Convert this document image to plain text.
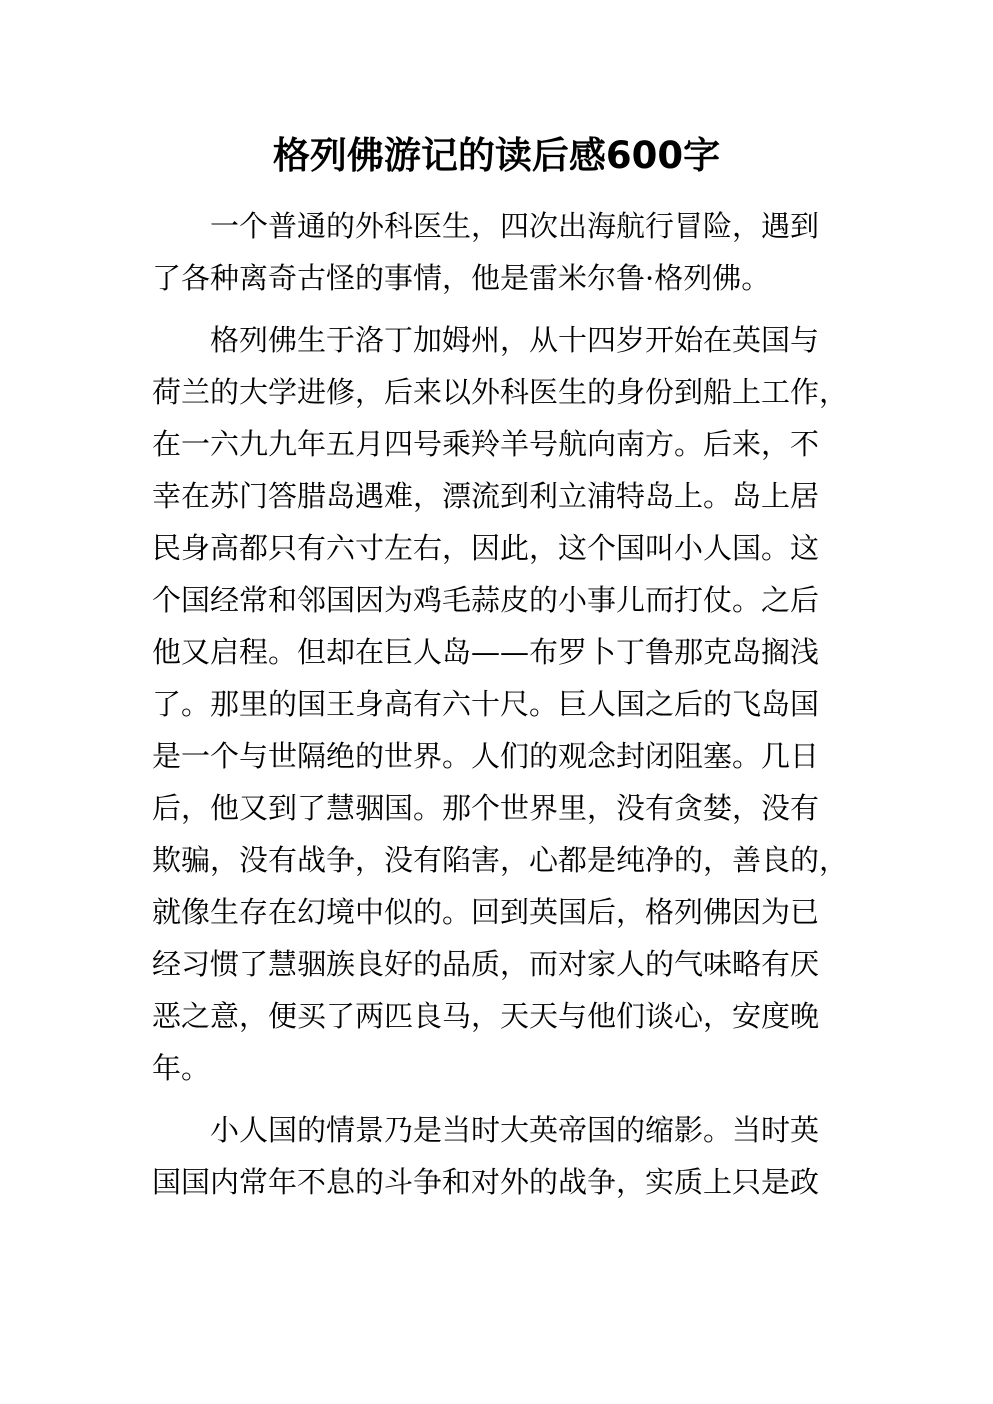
格列佛游记的读后感600字
一个普通的外科医生，四次出海航行冒险，遇到
了各种离奇古怪的事情，他是雷米尔鲁·格列佛。
格列佛生于洛丁加姆州，从十四岁开始在英国与
荷兰的大学进修，后来以外科医生的身份到船上工作，
在一六九九年五月四号乘羚羊号航向南方。后来，不
幸在苏门答腊岛遇难，漂流到利立浦特岛上。岛上居
民身高都只有六寸左右，因此，这个国叫小人国。这
个国经常和邻国因为鸡毛蒜皮的小事儿而打仗。之后
他又启程。但却在巨人岛——布罗卜丁鲁那克岛搁浅
了。那里的国王身高有六十尺。巨人国之后的飞岛国
是一个与世隔绝的世界。人们的观念封闭阻塞。几日
后，他又到了慧骃国。那个世界里，没有贪婪，没有
欺骗，没有战争，没有陷害，心都是纯净的，善良的，
就像生存在幻境中似的。回到英国后，格列佛因为已
经习惯了慧骃族良好的品质，而对家人的气味略有厌
恶之意，便买了两匹良马，天天与他们谈心，安度晚
年。
小人国的情景乃是当时大英帝国的缩影。当时英
国国内常年不息的斗争和对外的战争，实质上只是政
